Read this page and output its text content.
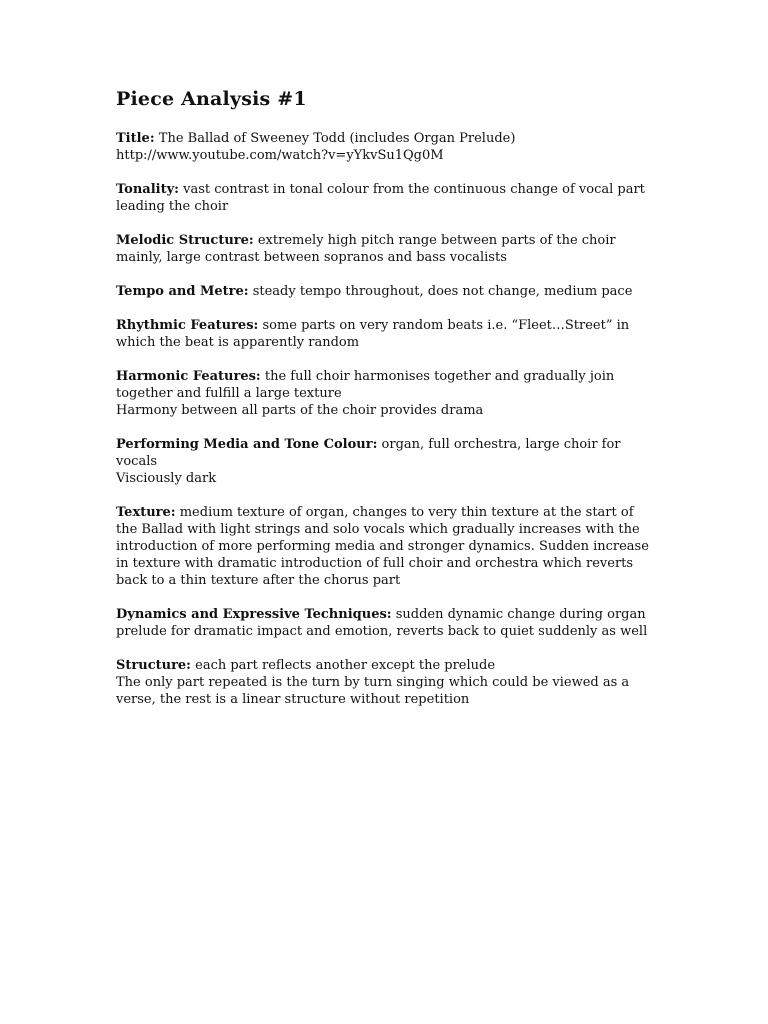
Piece Analysis #1
Title: The Ballad of Sweeney Todd (includes Organ Prelude)
http://www.youtube.com/watch?v=yYkvSu1Qg0M
Tonality: vast contrast in tonal colour from the continuous change of vocal part leading the choir
Melodic Structure: extremely high pitch range between parts of the choir mainly, large contrast between sopranos and bass vocalists
Tempo and Metre: steady tempo throughout, does not change, medium pace
Rhythmic Features: some parts on very random beats i.e. “Fleet…Street” in which the beat is apparently random
Harmonic Features: the full choir harmonises together and gradually join together and fulfill a large texture
Harmony between all parts of the choir provides drama
Performing Media and Tone Colour: organ, full orchestra, large choir for vocals
Visciously dark
Texture: medium texture of organ, changes to very thin texture at the start of the Ballad with light strings and solo vocals which gradually increases with the introduction of more performing media and stronger dynamics. Sudden increase in texture with dramatic introduction of full choir and orchestra which reverts back to a thin texture after the chorus part
Dynamics and Expressive Techniques: sudden dynamic change during organ prelude for dramatic impact and emotion, reverts back to quiet suddenly as well
Structure: each part reflects another except the prelude
The only part repeated is the turn by turn singing which could be viewed as a verse, the rest is a linear structure without repetition
